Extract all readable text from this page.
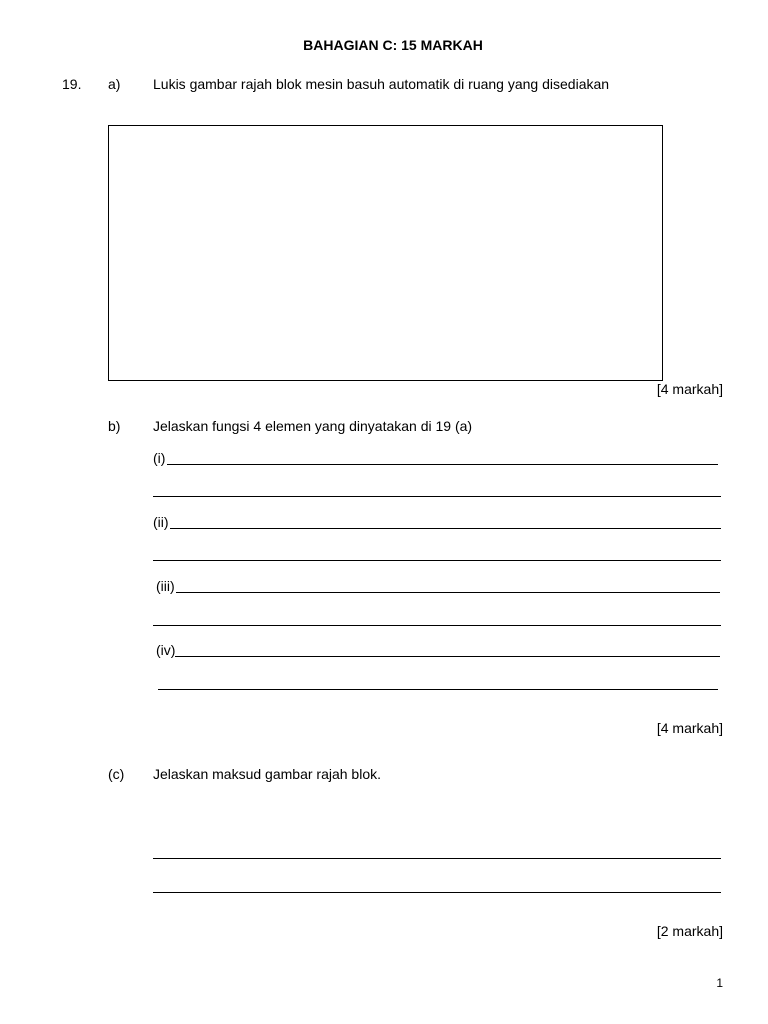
BAHAGIAN C: 15 MARKAH
19. a) Lukis gambar rajah blok mesin basuh automatik di ruang yang disediakan
[4 markah]
b) Jelaskan fungsi 4 elemen yang dinyatakan di 19 (a)
(i)
(ii)
(iii)
(iv)
[4 markah]
(c) Jelaskan maksud gambar rajah blok.
[2 markah]
1
